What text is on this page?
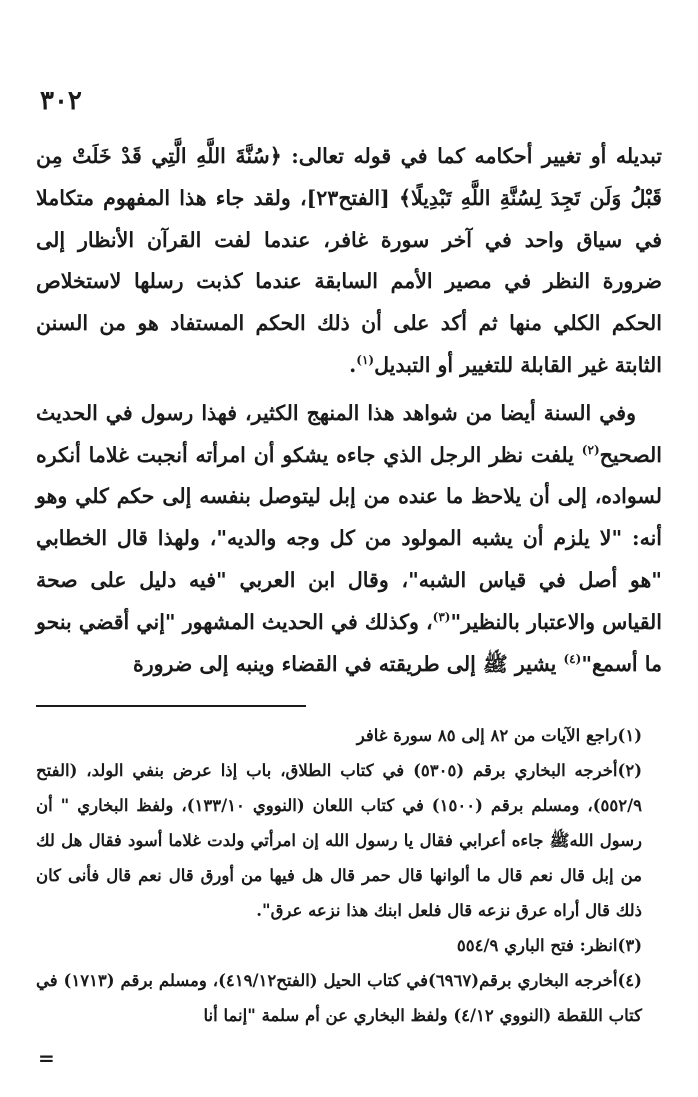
٣٠٢

تبديله أو تغيير أحكامه كما في قوله تعالى: ﴿سُنَّةَ اللَّهِ الَّتِي قَدْ خَلَتْ مِن قَبْلُ وَلَن تَجِدَ لِسُنَّةِ اللَّهِ تَبْدِيلًا﴾ [الفتح٢٣]، ولقد جاء هذا المفهوم متكاملا في سياق واحد في آخر سورة غافر، عندما لفت القرآن الأنظار إلى ضرورة النظر في مصير الأمم السابقة عندما كذبت رسلها لاستخلاص الحكم الكلي منها ثم أكد على أن ذلك الحكم المستفاد هو من السنن الثابتة غير القابلة للتغيير أو التبديل$^{(١)}$.

وفي السنة أيضا من شواهد هذا المنهج الكثير، فهذا رسول في الحديث الصحيح$^{(٢)}$ يلفت نظر الرجل الذي جاءه يشكو أن امرأته أنجبت غلاما أنكره لسواده، إلى أن يلاحظ ما عنده من إبل ليتوصل بنفسه إلى حكم كلي وهو أنه: "لا يلزم أن يشبه المولود من كل وجه والديه"، ولهذا قال الخطابي "هو أصل في قياس الشبه"، وقال ابن العربي "فيه دليل على صحة القياس والاعتبار بالنظير"$^{(٣)}$، وكذلك في الحديث المشهور "إني أقضي بنحو ما أسمع"$^{(٤)}$ يشير ﷺ إلى طريقته في القضاء وينبه إلى ضرورة

(١)راجع الآيات من ٨٢ إلى ٨٥ سورة غافر

(٢)أخرجه البخاري برقم (٥٣٠٥) في كتاب الطلاق، باب إذا عرض بنفي الولد، (الفتح ٥٥٢/٩)، ومسلم برقم (١٥٠٠) في كتاب اللعان (النووي ١٣٣/١٠)، ولفظ البخاري " أن رسول اللهﷺ جاءه أعرابي فقال يا رسول الله إن امرأتي ولدت غلاما أسود فقال هل لك من إبل قال نعم قال ما ألوانها قال حمر قال هل فيها من أورق قال نعم قال فأنى كان ذلك قال أراه عرق نزعه قال فلعل ابنك هذا نزعه عرق".

(٣)انظر: فتح الباري ٥٥٤/٩

(٤)أخرجه البخاري برقم(٦٩٦٧)في كتاب الحيل (الفتح٤١٩/١٢)، ومسلم برقم (١٧١٣) في كتاب اللقطة (النووي ٤/١٢) ولفظ البخاري عن أم سلمة "إنما أنا

=
